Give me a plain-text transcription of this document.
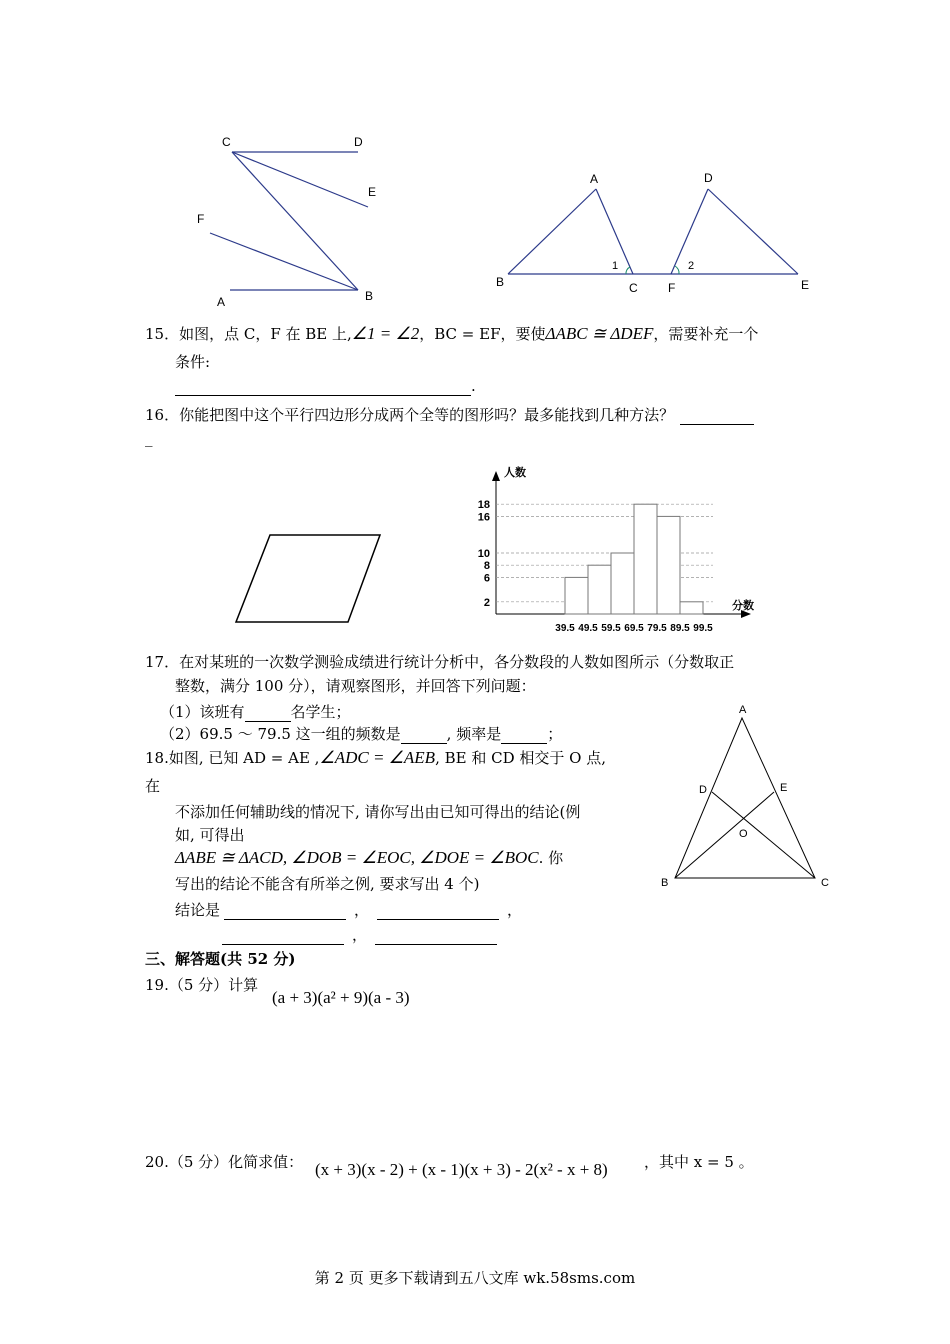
C	D
E
F
A	B
A	D
B	C	F	E
1	2
15．如图，点 C，F 在 BE 上,∠1 = ∠2，BC = EF，要使ΔABC ≅ ΔDEF，需要补充一个
条件:
.
16．你能把图中这个平行四边形分成两个全等的图形吗？最多能找到几种方法？
_
人数
分数
2
6
8
10
16
18
39.5 49.5 59.5 69.5 79.5 89.5 99.5
17．在对某班的一次数学测验成绩进行统计分析中，各分数段的人数如图所示（分数取正
整数，满分 100 分），请观察图形，并回答下列问题：
（1）该班有	名学生；
（2）69.5 ～ 79.5 这一组的频数是	, 频率是	；
18.如图, 已知 AD = AE ,∠ADC = ∠AEB, BE 和 CD 相交于 O 点,
在
不添加任何辅助线的情况下, 请你写出由已知可得出的结论(例
如, 可得出
ΔABE ≅ ΔACD, ∠DOB = ∠EOC, ∠DOE = ∠BOC. 你
写出的结论不能含有所举之例, 要求写出 4 个)
结论是	，	，
，
A
D	E
O
B	C
三、解答题(共 52 分)
19.（5 分）计算
(a + 3)(a² + 9)(a - 3)
20.（5 分）化简求值： (x + 3)(x - 2) + (x - 1)(x + 3) - 2(x² - x + 8) ，其中 x = 5 。
第 2 页 更多下载请到五八文库 wk.58sms.com
